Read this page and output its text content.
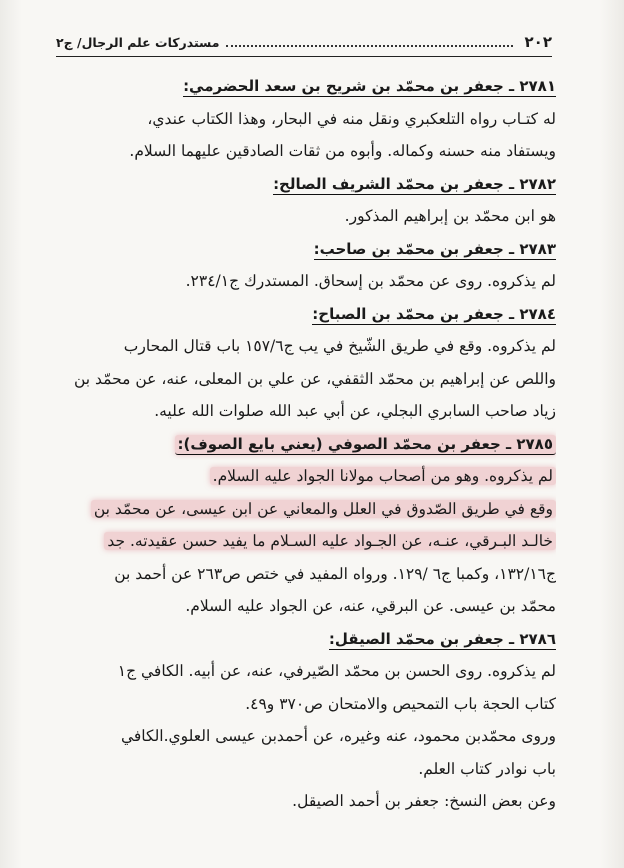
٢٠٢
مستدركات علم الرجال/ ج٢
٢٧٨١ ـ جعفر بن محمّد بن شريح بن سعد الحضرمي:
له كتـاب رواه التلعكبري ونقل منه في البحار، وهذا الكتاب عندي،
ويستفاد منه حسنه وكماله. وأبوه من ثقات الصادقين عليهما السلام.
٢٧٨٢ ـ جعفر بن محمّد الشريف الصالح:
هو ابن محمّد بن إبراهيم المذكور.
٢٧٨٣ ـ جعفر بن محمّد بن صاحب:
لم يذكروه. روى عن محمّد بن إسحاق. المستدرك ج٢٣٤/١.
٢٧٨٤ ـ جعفر بن محمّد بن الصباح:
لم يذكروه. وقع في طريق الشّيخ في يب ج١٥٧/٦ باب قتال المحارب
واللص عن إبراهيم بن محمّد الثقفي، عن علي بن المعلى، عنه، عن محمّد بن
زياد صاحب السابري البجلي، عن أبي عبد الله صلوات الله عليه.
٢٧٨٥ ـ جعفر بن محمّد الصوفي (يعني بايع الصوف):
لم يذكروه. وهو من أصحاب مولانا الجواد عليه السلام.
وقع في طريق الصّدوق في العلل والمعاني عن ابن عيسى، عن محمّد بن
خالـد البـرقي، عنـه، عن الجـواد عليه السـلام ما يفيد حسن عقيدته. جد
ج١٣٢/١٦، وكمبا ج٦ /١٢٩. ورواه المفيد في ختص ص٢٦٣ عن أحمد بن
محمّد بن عيسى. عن البرقي، عنه، عن الجواد عليه السلام.
٢٧٨٦ ـ جعفر بن محمّد الصيقل:
لم يذكروه. روى الحسن بن محمّد الصّيرفي، عنه، عن أبيه. الكافي ج١
كتاب الحجة باب التمحيص والامتحان ص٣٧٠ و٤٩.
وروى محمّدبن محمود، عنه وغيره، عن أحمدبن عيسى العلوي.الكافي
باب نوادر كتاب العلم.
وعن بعض النسخ: جعفر بن أحمد الصيقل.
